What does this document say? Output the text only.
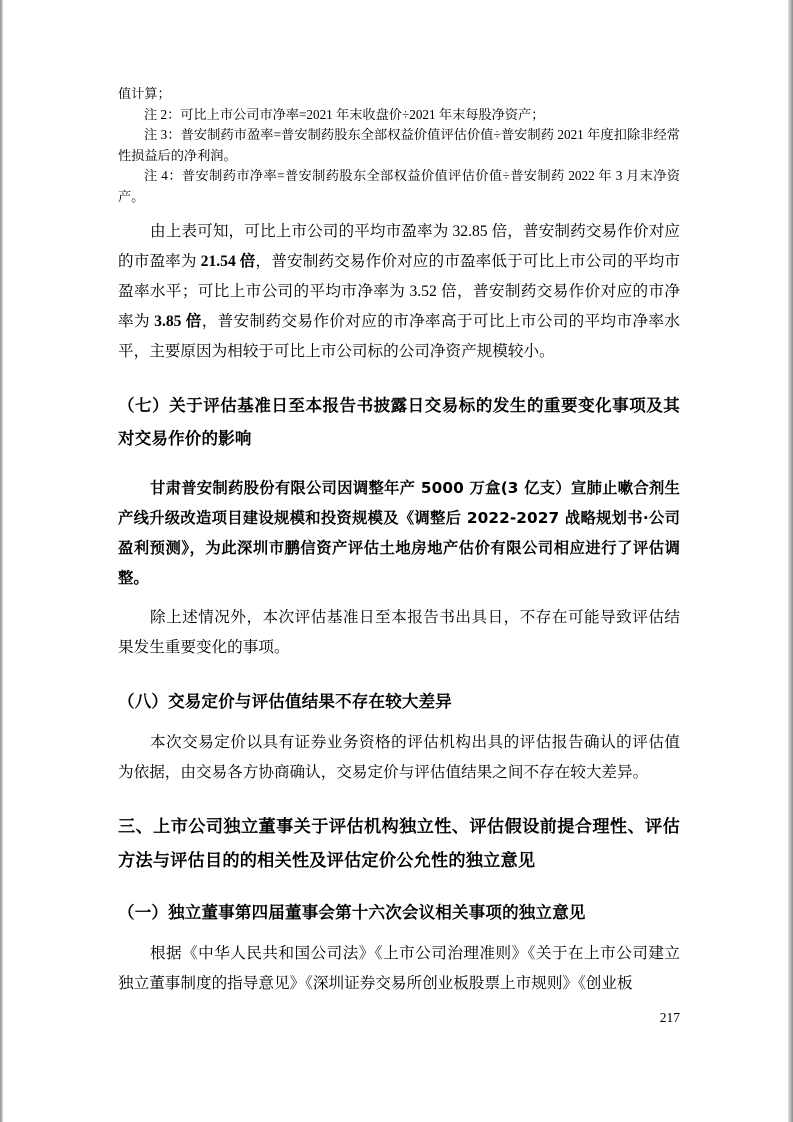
值计算；

注 2：可比上市公司市净率=2021 年末收盘价÷2021 年末每股净资产；

注 3：普安制药市盈率=普安制药股东全部权益价值评估价值÷普安制药 2021 年度扣除非经常性损益后的净利润。

注 4：普安制药市净率=普安制药股东全部权益价值评估价值÷普安制药 2022 年 3 月末净资产。

由上表可知，可比上市公司的平均市盈率为 32.85 倍，普安制药交易作价对应的市盈率为 21.54 倍，普安制药交易作价对应的市盈率低于可比上市公司的平均市盈率水平；可比上市公司的平均市净率为 3.52 倍，普安制药交易作价对应的市净率为 3.85 倍，普安制药交易作价对应的市净率高于可比上市公司的平均市净率水平，主要原因为相较于可比上市公司标的公司净资产规模较小。

（七）关于评估基准日至本报告书披露日交易标的发生的重要变化事项及其对交易作价的影响

甘肃普安制药股份有限公司因调整年产 5000 万盒(3 亿支）宣肺止嗽合剂生产线升级改造项目建设规模和投资规模及《调整后 2022-2027 战略规划书·公司盈利预测》，为此深圳市鹏信资产评估土地房地产估价有限公司相应进行了评估调整。

除上述情况外，本次评估基准日至本报告书出具日，不存在可能导致评估结果发生重要变化的事项。

（八）交易定价与评估值结果不存在较大差异

本次交易定价以具有证券业务资格的评估机构出具的评估报告确认的评估值为依据，由交易各方协商确认，交易定价与评估值结果之间不存在较大差异。

三、上市公司独立董事关于评估机构独立性、评估假设前提合理性、评估方法与评估目的的相关性及评估定价公允性的独立意见
（一）独立董事第四届董事会第十六次会议相关事项的独立意见

根据《中华人民共和国公司法》《上市公司治理准则》《关于在上市公司建立独立董事制度的指导意见》《深圳证券交易所创业板股票上市规则》《创业板

217
